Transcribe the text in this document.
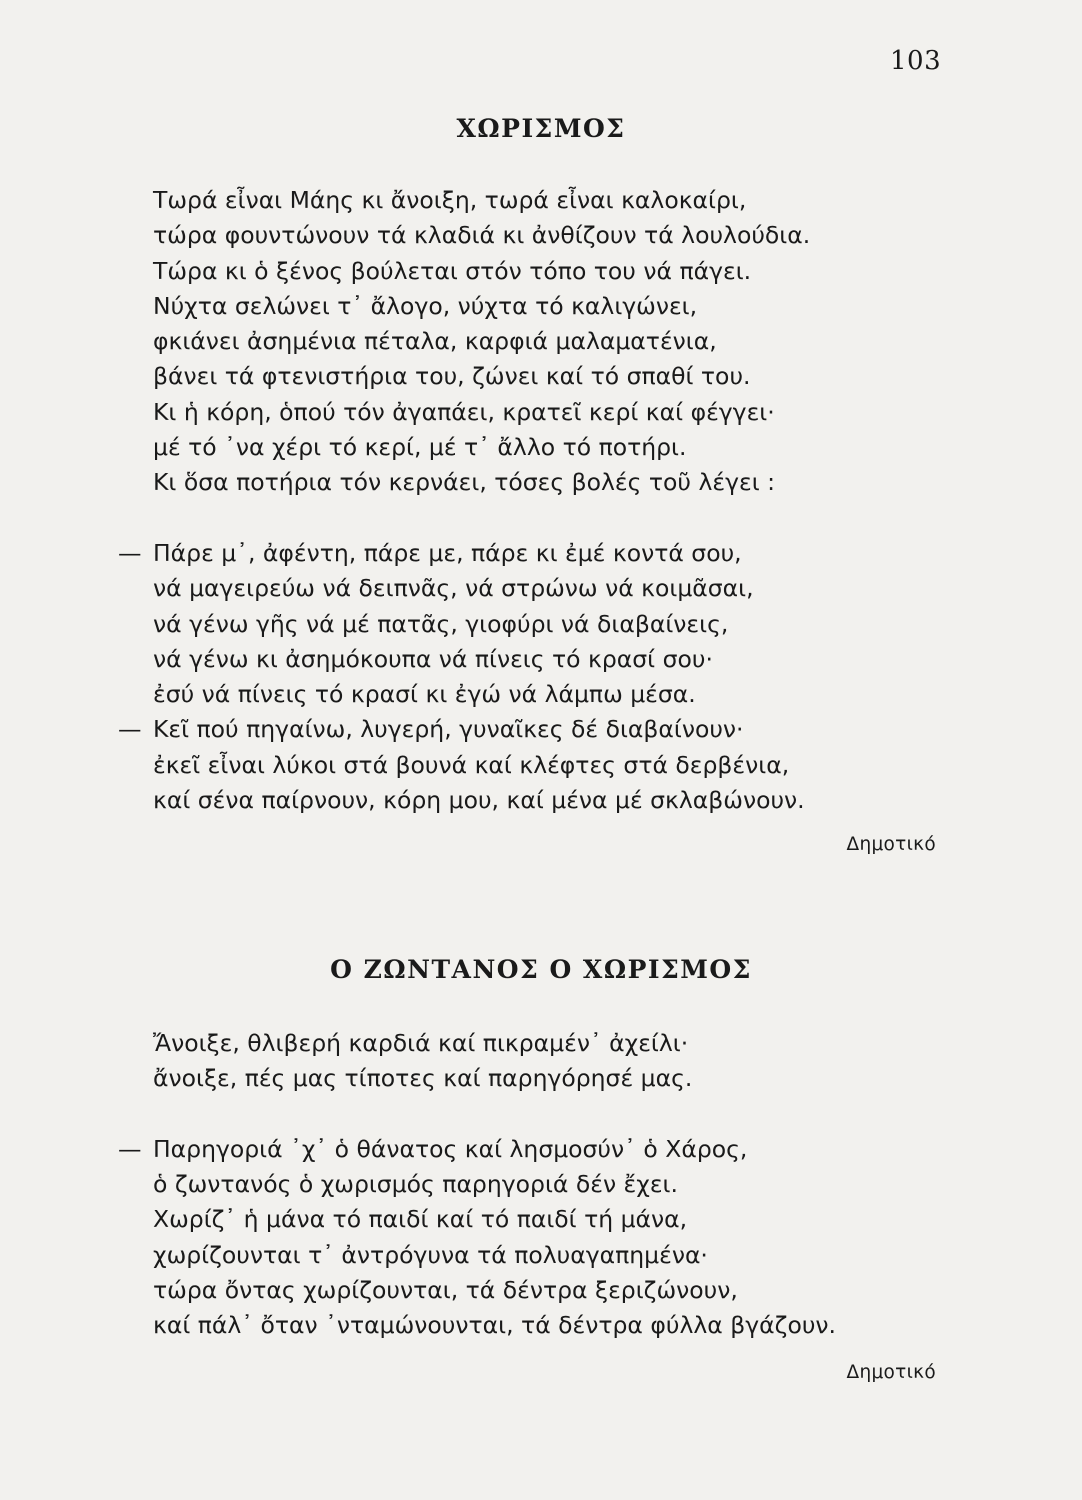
103
ΧΩΡΙΣΜΟΣ
Τωρά εἶναι Μάης κι ἄνοιξη, τωρά εἶναι καλοκαίρι,
τώρα φουντώνουν τά κλαδιά κι ἀνθίζουν τά λουλούδια.
Τώρα κι ὁ ξένος βούλεται στόν τόπο του νά πάγει.
Νύχτα σελώνει τ᾽ ἄλογο, νύχτα τό καλιγώνει,
φκιάνει ἀσημένια πέταλα, καρφιά μαλαματένια,
βάνει τά φτενιστήρια του, ζώνει καί τό σπαθί του.
Κι ἡ κόρη, ὁπού τόν ἀγαπάει, κρατεῖ κερί καί φέγγει·
μέ τό ᾽να χέρι τό κερί, μέ τ᾽ ἄλλο τό ποτήρι.
Κι ὅσα ποτήρια τόν κερνάει, τόσες βολές τοῦ λέγει :
— Πάρε μ᾽, ἀφέντη, πάρε με, πάρε κι ἐμέ κοντά σου,
νά μαγειρεύω νά δειπνᾶς, νά στρώνω νά κοιμᾶσαι,
νά γένω γῆς νά μέ πατᾶς, γιοφύρι νά διαβαίνεις,
νά γένω κι ἀσημόκουπα νά πίνεις τό κρασί σου·
ἐσύ νά πίνεις τό κρασί κι ἐγώ νά λάμπω μέσα.
— Κεῖ πού πηγαίνω, λυγερή, γυναῖκες δέ διαβαίνουν·
ἐκεῖ εἶναι λύκοι στά βουνά καί κλέφτες στά δερβένια,
καί σένα παίρνουν, κόρη μου, καί μένα μέ σκλαβώνουν.
Δημοτικό
Ο ΖΩΝΤΑΝΟΣ Ο ΧΩΡΙΣΜΟΣ
Ἄνοιξε, θλιβερή καρδιά καί πικραμέν᾽ ἀχείλι·
ἄνοιξε, πές μας τίποτες καί παρηγόρησέ μας.
— Παρηγοριά ᾽χ᾽ ὁ θάνατος καί λησμοσύν᾽ ὁ Χάρος,
ὁ ζωντανός ὁ χωρισμός παρηγοριά δέν ἔχει.
Χωρίζ᾽ ἡ μάνα τό παιδί καί τό παιδί τή μάνα,
χωρίζουνται τ᾽ ἀντρόγυνα τά πολυαγαπημένα·
τώρα ὄντας χωρίζουνται, τά δέντρα ξεριζώνουν,
καί πάλ᾽ ὄταν ᾽νταμώνουνται, τά δέντρα φύλλα βγάζουν.
Δημοτικό
